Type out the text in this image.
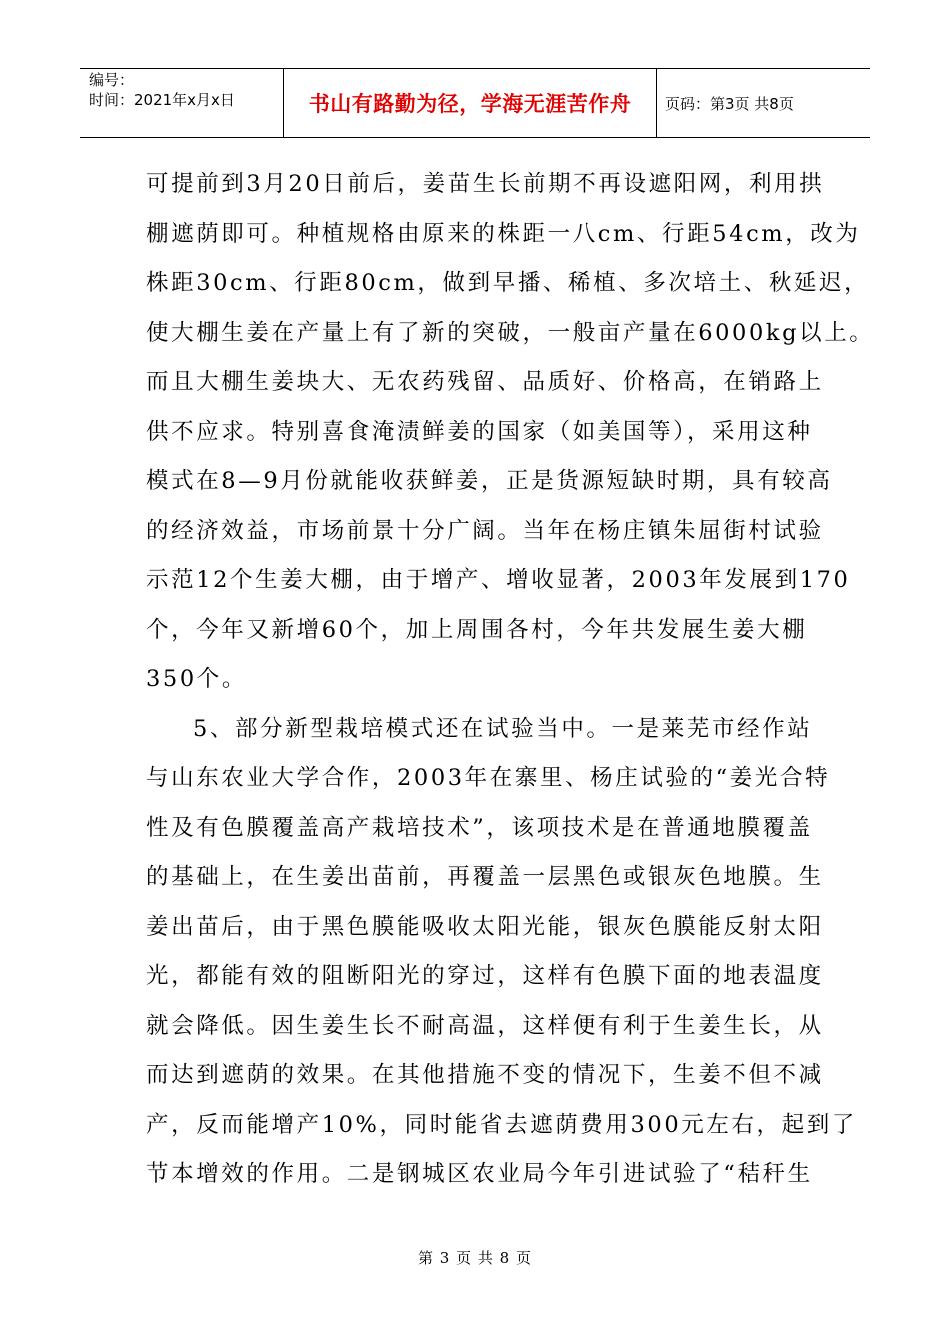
编号：
时间：2021年x月x日	书山有路勤为径，学海无涯苦作舟 页码：第3页 共8页

可提前到3月20日前后，姜苗生长前期不再设遮阳网，利用拱

棚遮荫即可。种植规格由原来的株距一八cm、行距54cm，改为

株距30cm、行距80cm，做到早播、稀植、多次培土、秋延迟，

使大棚生姜在产量上有了新的突破，一般亩产量在6000kg以上。

而且大棚生姜块大、无农药残留、品质好、价格高，在销路上

供不应求。特别喜食淹渍鲜姜的国家（如美国等），采用这种

模式在8—9月份就能收获鲜姜，正是货源短缺时期，具有较高

的经济效益，市场前景十分广阔。当年在杨庄镇朱屈街村试验

示范12个生姜大棚，由于增产、增收显著，2003年发展到170

个，今年又新增60个，加上周围各村，今年共发展生姜大棚

350个。

5、部分新型栽培模式还在试验当中。一是莱芜市经作站

与山东农业大学合作，2003年在寨里、杨庄试验的“姜光合特

性及有色膜覆盖高产栽培技术”，该项技术是在普通地膜覆盖

的基础上，在生姜出苗前，再覆盖一层黑色或银灰色地膜。生

姜出苗后，由于黑色膜能吸收太阳光能，银灰色膜能反射太阳

光，都能有效的阻断阳光的穿过，这样有色膜下面的地表温度

就会降低。因生姜生长不耐高温，这样便有利于生姜生长，从

而达到遮荫的效果。在其他措施不变的情况下，生姜不但不减

产，反而能增产10%，同时能省去遮荫费用300元左右，起到了

节本增效的作用。二是钢城区农业局今年引进试验了“秸秆生

第 3 页 共 8 页
